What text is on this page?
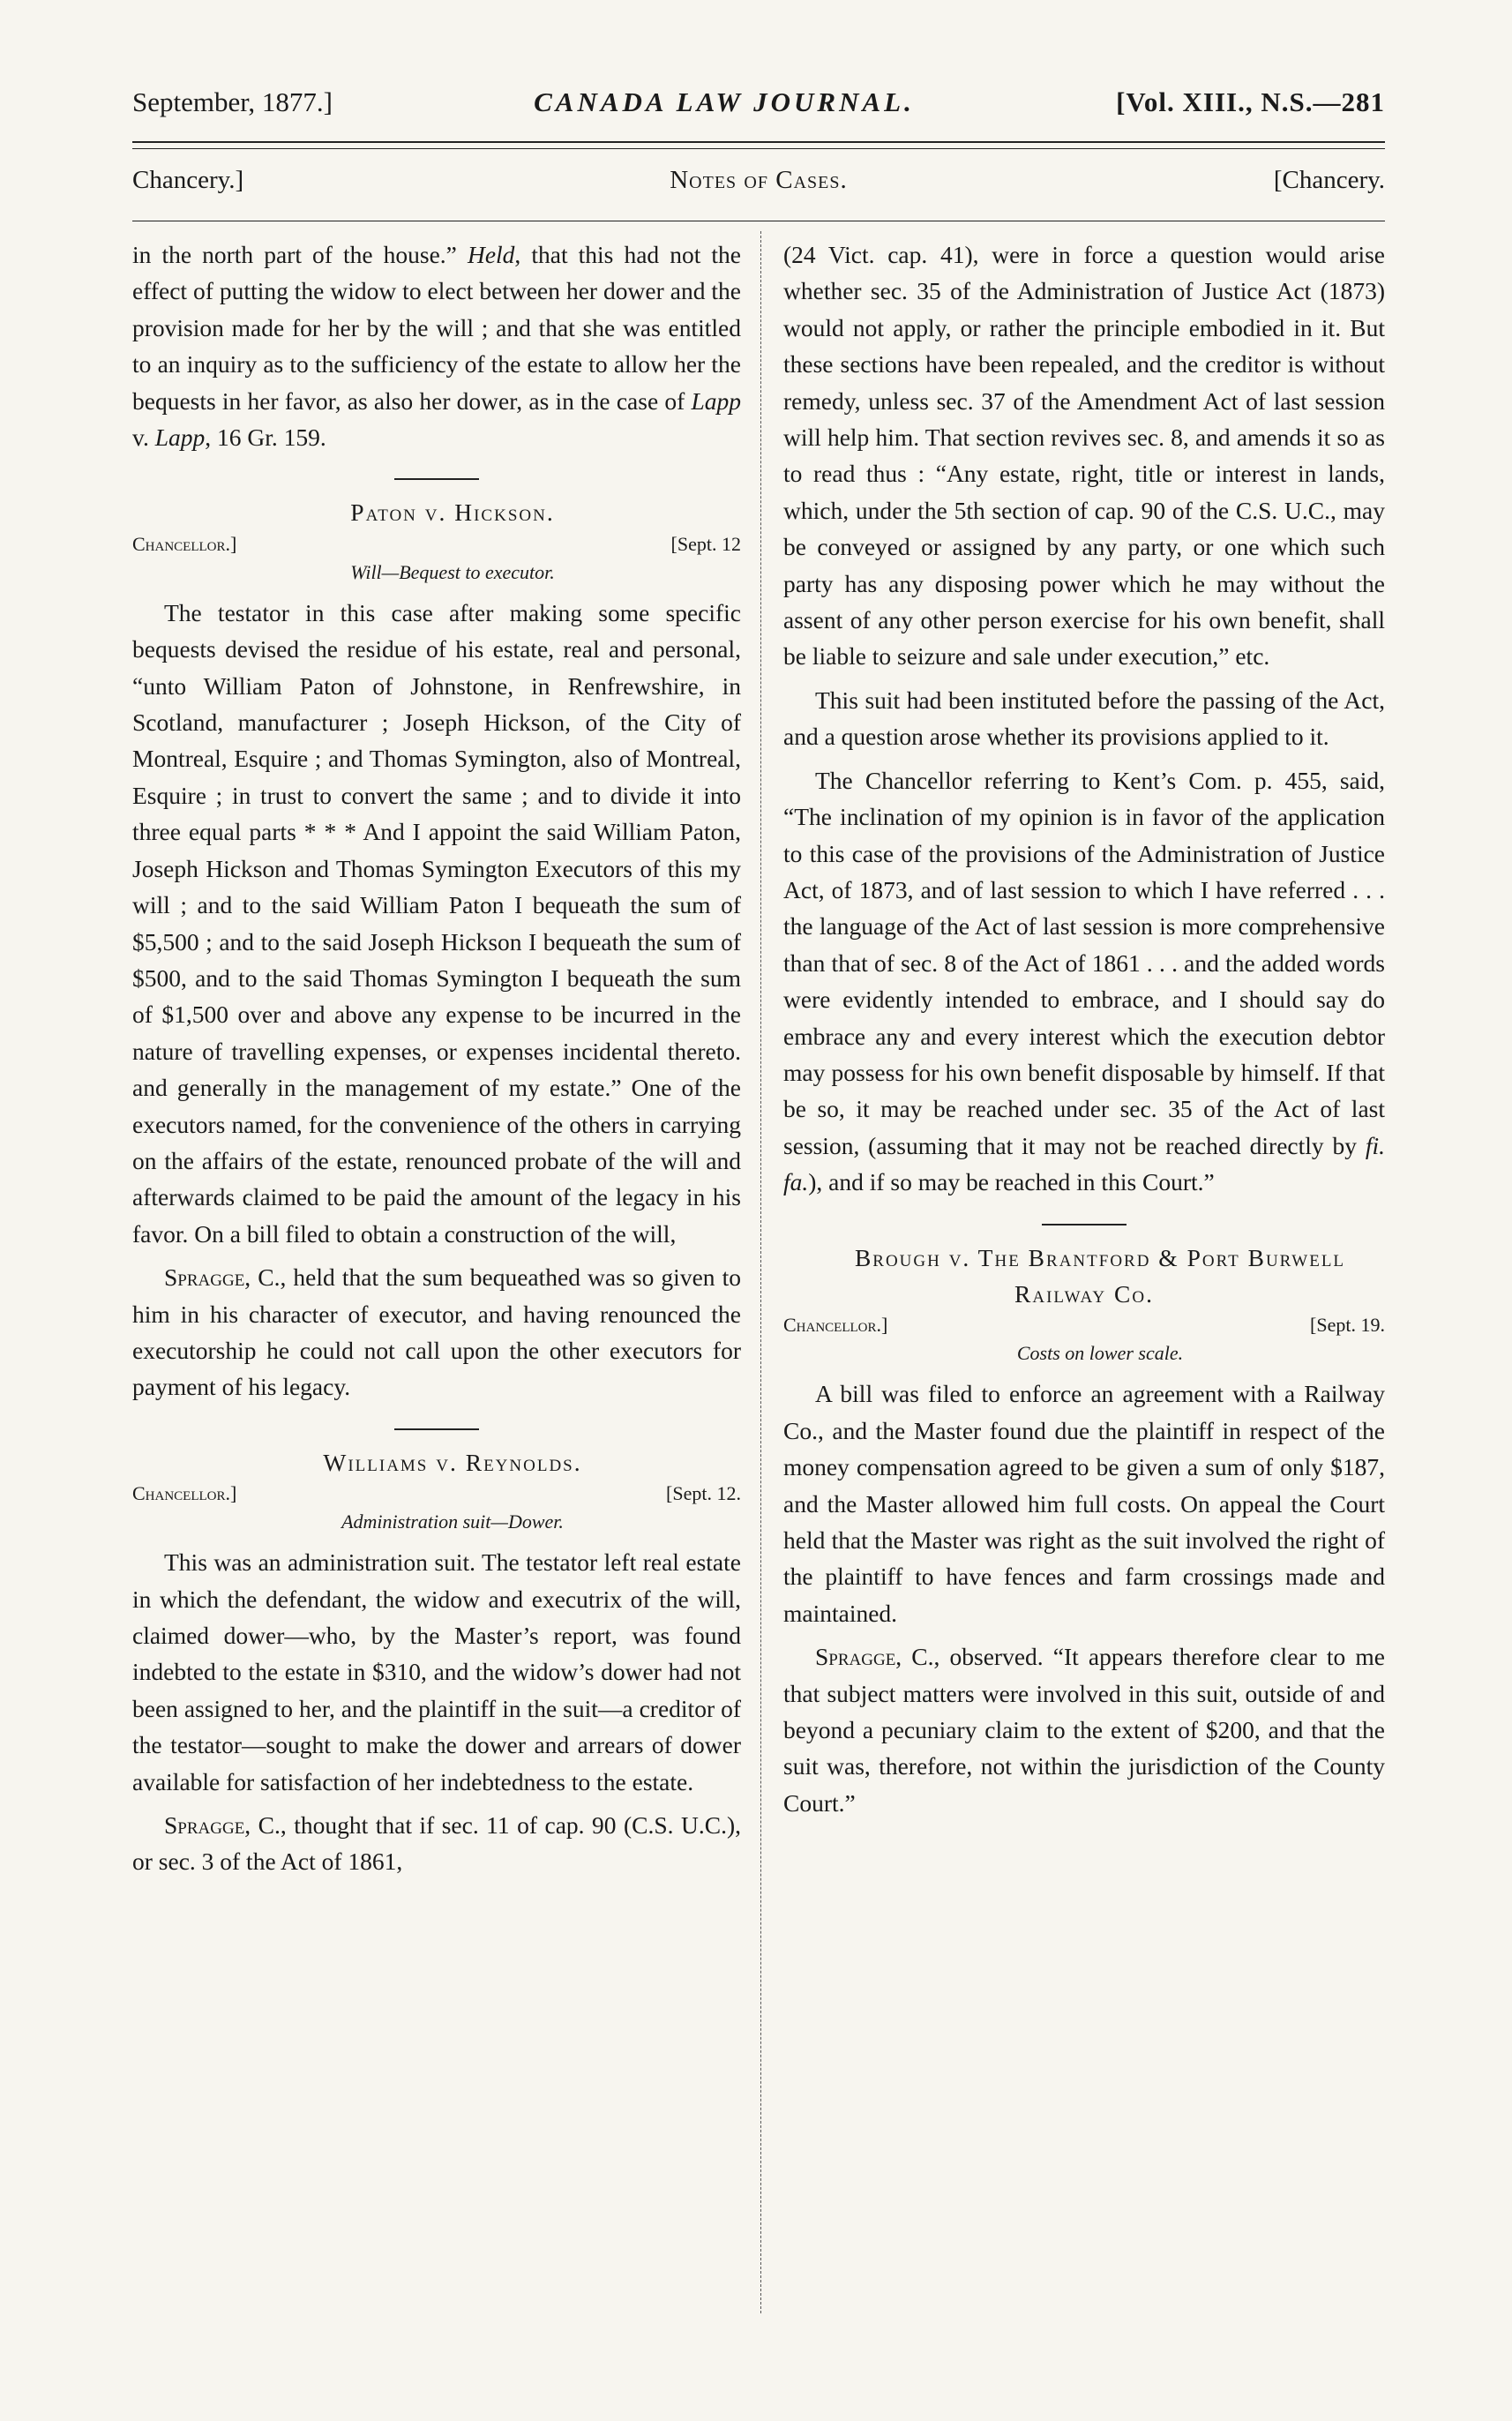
September, 1877.]	CANADA LAW JOURNAL.	[Vol. XIII., N.S.—281
Chancery.]	Notes of Cases.	[Chancery.

in the north part of the house.” Held, that this had not the effect of putting the widow to elect between her dower and the provision made for her by the will ; and that she was entitled to an inquiry as to the sufficiency of the estate to allow her the bequests in her favor, as also her dower, as in the case of Lapp v. Lapp, 16 Gr. 159.

Paton v. Hickson.

Chancellor.]	[Sept. 12

Will—Bequest to executor.

The testator in this case after making some specific bequests devised the residue of his estate, real and personal, “unto William Paton of Johnstone, in Renfrewshire, in Scotland, manufacturer ; Joseph Hickson, of the City of Montreal, Esquire ; and Thomas Symington, also of Montreal, Esquire ; in trust to convert the same ; and to divide it into three equal parts * * * And I appoint the said William Paton, Joseph Hickson and Thomas Symington Executors of this my will ; and to the said William Paton I bequeath the sum of $5,500 ; and to the said Joseph Hickson I bequeath the sum of $500, and to the said Thomas Symington I bequeath the sum of $1,500 over and above any expense to be incurred in the nature of travelling expenses, or expenses incidental thereto. and generally in the management of my estate.” One of the executors named, for the convenience of the others in carrying on the affairs of the estate, renounced probate of the will and afterwards claimed to be paid the amount of the legacy in his favor. On a bill filed to obtain a construction of the will,

Spragge, C., held that the sum bequeathed was so given to him in his character of executor, and having renounced the executorship he could not call upon the other executors for payment of his legacy.

Williams v. Reynolds.

Chancellor.]	[Sept. 12.

Administration suit—Dower.

This was an administration suit. The testator left real estate in which the defendant, the widow and executrix of the will, claimed dower—who, by the Master’s report, was found indebted to the estate in $310, and the widow’s dower had not been assigned to her, and the plaintiff in the suit—a creditor of the testator—sought to make the dower and arrears of dower available for satisfaction of her indebtedness to the estate.

Spragge, C., thought that if sec. 11 of cap. 90 (C.S. U.C.), or sec. 3 of the Act of 1861,

(24 Vict. cap. 41), were in force a question would arise whether sec. 35 of the Administration of Justice Act (1873) would not apply, or rather the principle embodied in it. But these sections have been repealed, and the creditor is without remedy, unless sec. 37 of the Amendment Act of last session will help him. That section revives sec. 8, and amends it so as to read thus : “Any estate, right, title or interest in lands, which, under the 5th section of cap. 90 of the C.S. U.C., may be conveyed or assigned by any party, or one which such party has any disposing power which he may without the assent of any other person exercise for his own benefit, shall be liable to seizure and sale under execution,” etc.

This suit had been instituted before the passing of the Act, and a question arose whether its provisions applied to it.

The Chancellor referring to Kent’s Com. p. 455, said, “The inclination of my opinion is in favor of the application to this case of the provisions of the Administration of Justice Act, of 1873, and of last session to which I have referred . . . the language of the Act of last session is more comprehensive than that of sec. 8 of the Act of 1861 . . . and the added words were evidently intended to embrace, and I should say do embrace any and every interest which the execution debtor may possess for his own benefit disposable by himself. If that be so, it may be reached under sec. 35 of the Act of last session, (assuming that it may not be reached directly by fi. fa.), and if so may be reached in this Court.”

Brough v. The Brantford & Port Burwell Railway Co.

Chancellor.]	[Sept. 19.

Costs on lower scale.

A bill was filed to enforce an agreement with a Railway Co., and the Master found due the plaintiff in respect of the money compensation agreed to be given a sum of only $187, and the Master allowed him full costs. On appeal the Court held that the Master was right as the suit involved the right of the plaintiff to have fences and farm crossings made and maintained.

Spragge, C., observed. “It appears therefore clear to me that subject matters were involved in this suit, outside of and beyond a pecuniary claim to the extent of $200, and that the suit was, therefore, not within the jurisdiction of the County Court.”
